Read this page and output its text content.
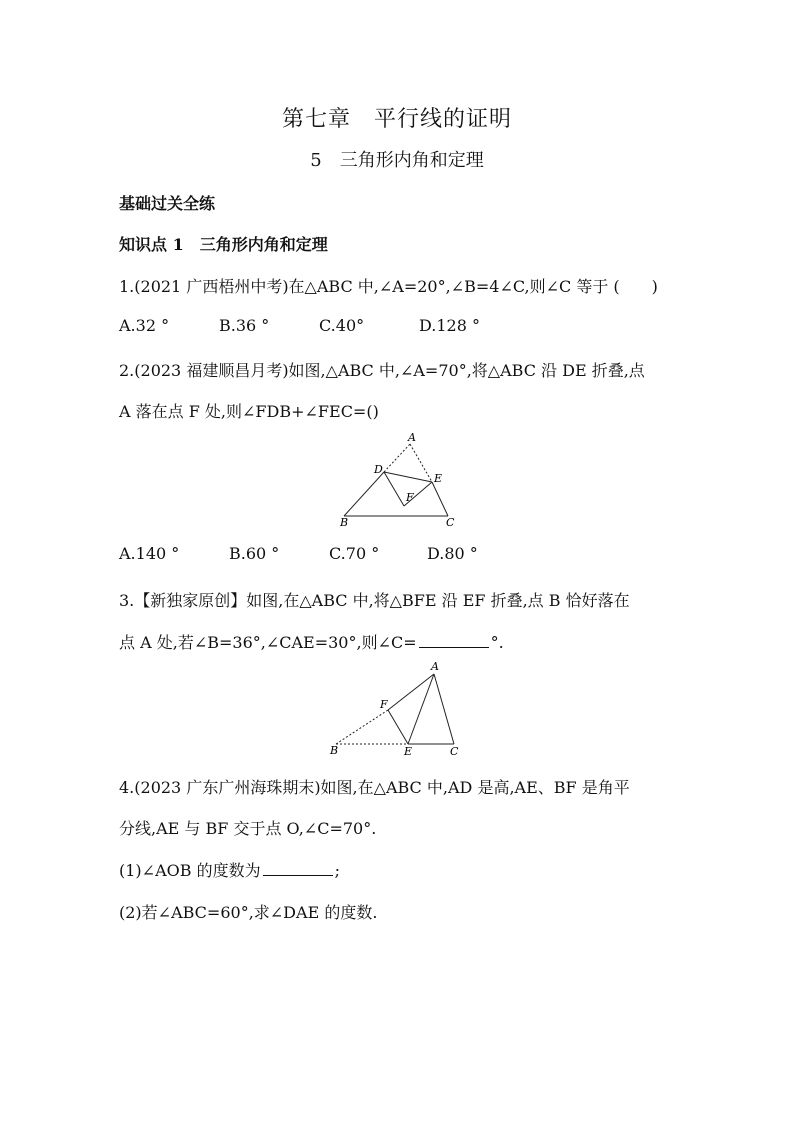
第七章　平行线的证明
5　三角形内角和定理
基础过关全练
知识点 1　三角形内角和定理
1.(2021 广西梧州中考)在△ABC 中,∠A=20°,∠B=4∠C,则∠C 等于 (　　)
A.32 °	B.36 °	C.40°	D.128 °
2.(2023 福建顺昌月考)如图,△ABC 中,∠A=70°,将△ABC 沿 DE 折叠,点
A 落在点 F 处,则∠FDB+∠FEC=()
A
D
E
F
B	C
A.140 °	B.60 °	C.70 °	D.80 °
3.【新独家原创】如图,在△ABC 中,将△BFE 沿 EF 折叠,点 B 恰好落在
点 A 处,若∠B=36°,∠CAE=30°,则∠C=	°.
A
F
B	E	C
4.(2023 广东广州海珠期末)如图,在△ABC 中,AD 是高,AE、BF 是角平
分线,AE 与 BF 交于点 O,∠C=70°.
(1)∠AOB 的度数为	;
(2)若∠ABC=60°,求∠DAE 的度数.
